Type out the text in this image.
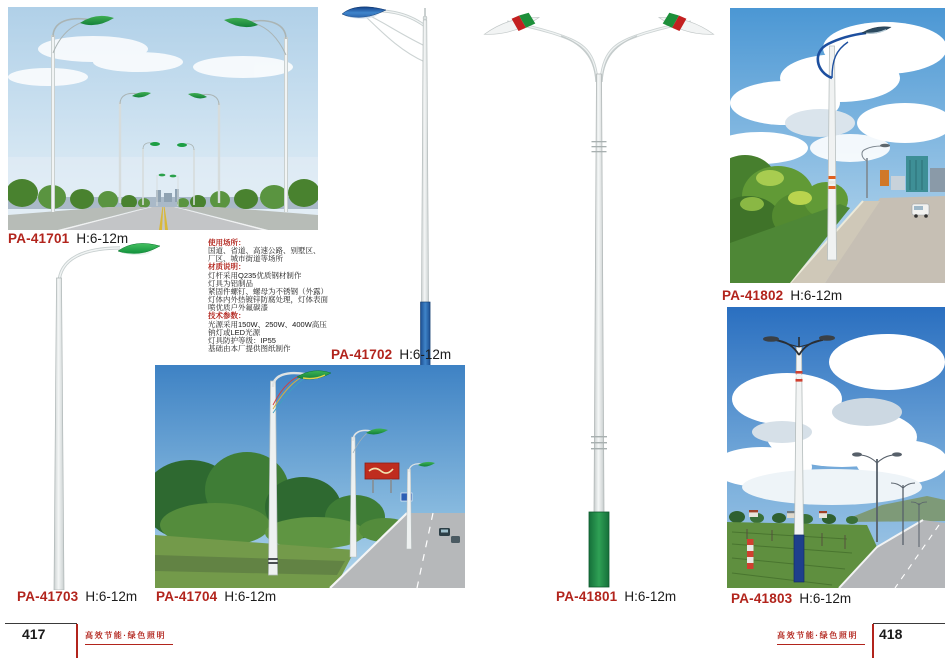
使用场所：
国道、省道、高速公路、别墅区、
厂区、城市街道等场所
材质说明：
灯杆采用Q235优质钢材制作
灯具为铝制品
紧固件螺钉、螺母为不锈钢（外露）
灯体内外热镀锌防腐处理，灯体表面
喷优质户外氟碳漆
技术参数：
光源采用150W、250W、400W高压
钠灯或LED光源
灯具防护等级：IP55
基础由本厂提供图纸制作
PA-41701 H:6-12m
PA-41702 H:6-12m
PA-41703 H:6-12m PA-41704 H:6-12m	PA-41801 H:6-12m
PA-41802 H:6-12m
PA-41803 H:6-12m
417	高效节能·绿色照明	418
高效节能·绿色照明
